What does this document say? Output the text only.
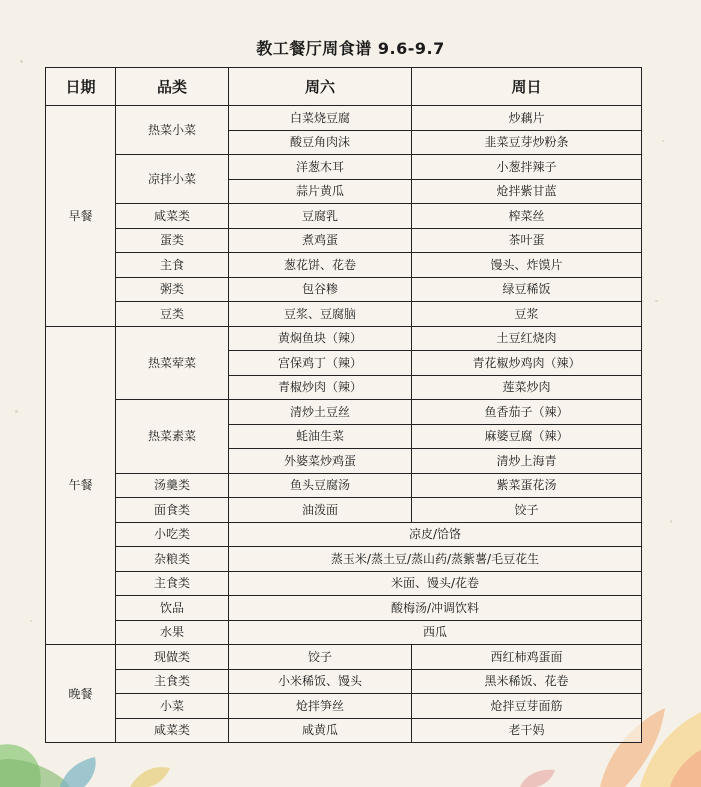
教工餐厅周食谱 9.6-9.7
日期	品类	周六	周日
早餐	热菜小菜	白菜烧豆腐	炒藕片
		酸豆角肉沫	韭菜豆芽炒粉条
	凉拌小菜	洋葱木耳	小葱拌辣子
		蒜片黄瓜	炝拌紫甘蓝
	咸菜类	豆腐乳	榨菜丝
	蛋类	煮鸡蛋	茶叶蛋
	主食	葱花饼、花卷	馒头、炸馍片
	粥类	包谷糁	绿豆稀饭
	豆类	豆浆、豆腐脑	豆浆
午餐	热菜荤菜	黄焖鱼块（辣）	土豆红烧肉
		宫保鸡丁（辣）	青花椒炒鸡肉（辣）
		青椒炒肉（辣）	莲菜炒肉
	热菜素菜	清炒土豆丝	鱼香茄子（辣）
		蚝油生菜	麻婆豆腐（辣）
		外婆菜炒鸡蛋	清炒上海青
	汤羹类	鱼头豆腐汤	紫菜蛋花汤
	面食类	油泼面	饺子
	小吃类	凉皮/饸饹	
	杂粮类	蒸玉米/蒸土豆/蒸山药/蒸紫薯/毛豆花生	
	主食类	米面、馒头/花卷	
	饮品	酸梅汤/冲调饮料	
	水果	西瓜	
晚餐	现做类	饺子	西红柿鸡蛋面
	主食类	小米稀饭、馒头	黑米稀饭、花卷
	小菜	炝拌笋丝	炝拌豆芽面筋
	咸菜类	咸黄瓜	老干妈
